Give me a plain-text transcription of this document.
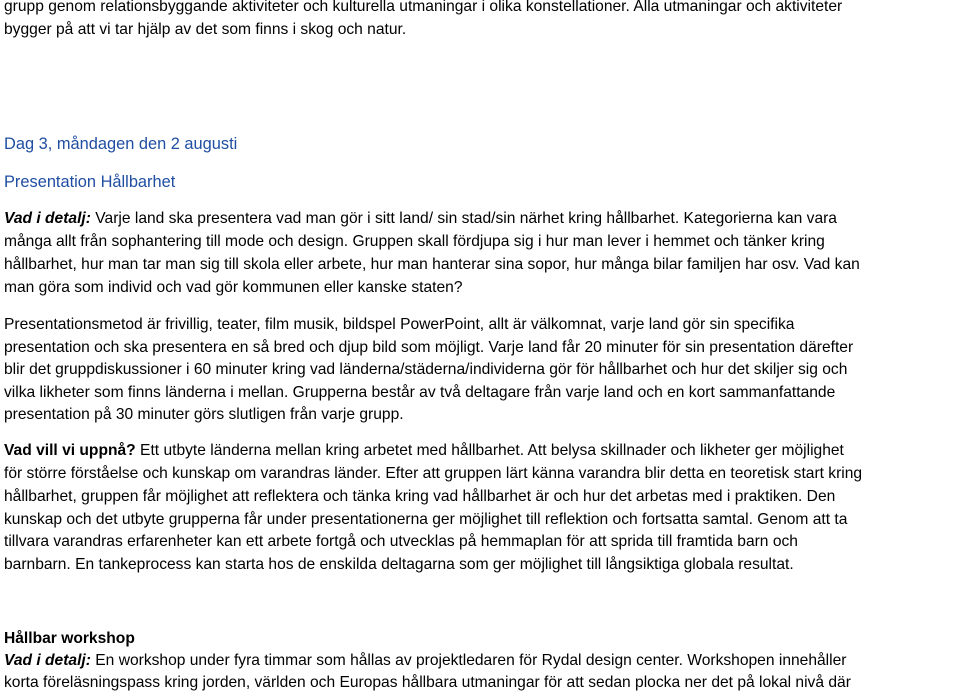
grupp genom relationsbyggande aktiviteter och kulturella utmaningar i olika konstellationer. Alla utmaningar och aktiviteter
bygger på att vi tar hjälp av det som finns i skog och natur.
Dag 3, måndagen den 2 augusti
Presentation Hållbarhet
Vad i detalj: Varje land ska presentera vad man gör i sitt land/ sin stad/sin närhet kring hållbarhet. Kategorierna kan vara
många allt från sophantering till mode och design. Gruppen skall fördjupa sig i hur man lever i hemmet och tänker kring
hållbarhet, hur man tar man sig till skola eller arbete, hur man hanterar sina sopor, hur många bilar familjen har osv. Vad kan
man göra som individ och vad gör kommunen eller kanske staten?
Presentationsmetod är frivillig, teater, film musik, bildspel PowerPoint, allt är välkomnat, varje land gör sin specifika
presentation och ska presentera en så bred och djup bild som möjligt. Varje land får 20 minuter för sin presentation därefter
blir det gruppdiskussioner i 60 minuter kring vad länderna/städerna/individerna gör för hållbarhet och hur det skiljer sig och
vilka likheter som finns länderna i mellan. Grupperna består av två deltagare från varje land och en kort sammanfattande
presentation på 30 minuter görs slutligen från varje grupp.
Vad vill vi uppnå? Ett utbyte länderna mellan kring arbetet med hållbarhet. Att belysa skillnader och likheter ger möjlighet
för större förståelse och kunskap om varandras länder. Efter att gruppen lärt känna varandra blir detta en teoretisk start kring
hållbarhet, gruppen får möjlighet att reflektera och tänka kring vad hållbarhet är och hur det arbetas med i praktiken. Den
kunskap och det utbyte grupperna får under presentationerna ger möjlighet till reflektion och fortsatta samtal. Genom att ta
tillvara varandras erfarenheter kan ett arbete fortgå och utvecklas på hemmaplan för att sprida till framtida barn och
barnbarn. En tankeprocess kan starta hos de enskilda deltagarna som ger möjlighet till långsiktiga globala resultat.
Hållbar workshop
Vad i detalj: En workshop under fyra timmar som hållas av projektledaren för Rydal design center. Workshopen innehåller
korta föreläsningspass kring jorden, världen och Europas hållbara utmaningar för att sedan plocka ner det på lokal nivå där
